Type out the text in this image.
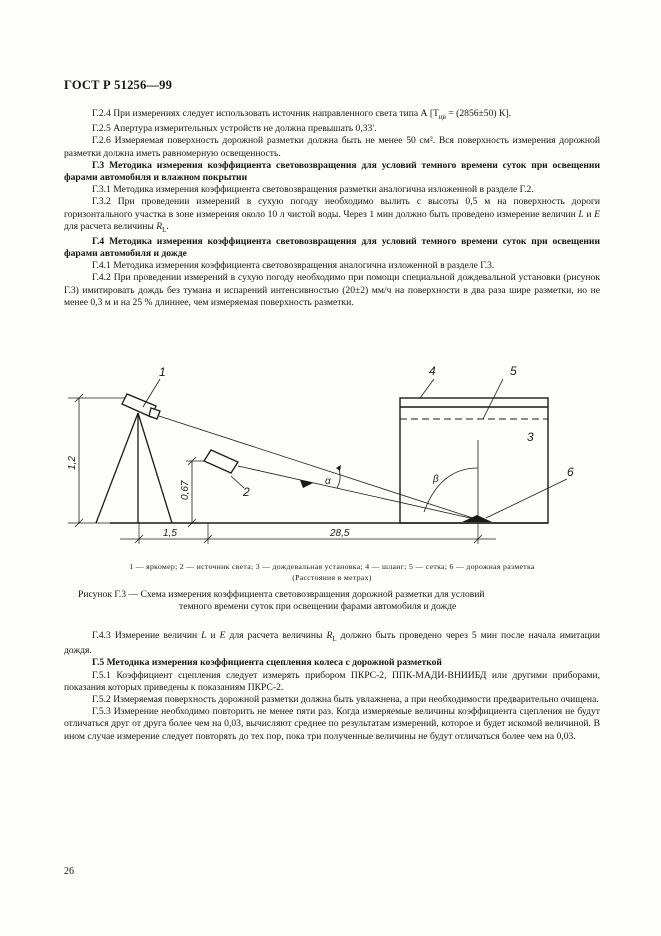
ГОСТ Р 51256—99

Г.2.4 При измерениях следует использовать источник направленного света типа А [$T_{цв} = (2856\pm 50)$ К].

Г.2.5 Апертура измерительных устройств не должна превышать 0,33'.

Г.2.6 Измеряемая поверхность дорожной разметки должна быть не менее 50 см². Вся поверхность измерения дорожной разметки должна иметь равномерную освещенность.

Г.3 Методика измерения коэффициента световозвращения для условий темного времени суток при освещении фарами автомобиля и влажном покрытии

Г.3.1 Методика измерения коэффициента световозвращения разметки аналогична изложенной в разделе Г.2.

Г.3.2 При проведении измерений в сухую погоду необходимо вылить с высоты 0,5 м на поверхность дороги горизонтального участка в зоне измерения около 10 л чистой воды. Через 1 мин должно быть проведено измерение величин L и E для расчета величины $R_L$.

Г.4 Методика измерения коэффициента световозвращения для условий темного времени суток при освещении фарами автомобиля и дожде

Г.4.1 Методика измерения коэффициента световозвращения аналогична изложенной в разделе Г.3.

Г.4.2 При проведении измерений в сухую погоду необходимо при помощи специальной дождевальной установки (рисунок Г.3) имитировать дождь без тумана и испарений интенсивностью (20±2) мм/ч на поверхности в два раза шире разметки, но не менее 0,3 м и на 25 % длиннее, чем измеряемая поверхность разметки.

1
2
3
4	5
6
α	β
1,2
0,67
1,5	28,5
1 — яркомер; 2 — источник света; 3 — дождевальная установка; 4 — шланг; 5 — сетка; 6 — дорожная разметка
(Расстояния в метрах)
Рисунок Г.3 — Схема измерения коэффициента световозвращения дорожной разметки для условий
темного времени суток при освещении фарами автомобиля и дожде

Г.4.3 Измерение величин L и E для расчета величины $R_L$ должно быть проведено через 5 мин после начала имитации дождя.

Г.5 Методика измерения коэффициента сцепления колеса с дорожной разметкой

Г.5.1 Коэффициент сцепления следует измерять прибором ПКРС-2, ППК-МАДИ-ВНИИБД или другими приборами, показания которых приведены к показаниям ПКРС-2.

Г.5.2 Измеряемая поверхность дорожной разметки должна быть увлажнена, а при необходимости предварительно очищена.

Г.5.3 Измерение необходимо повторить не менее пяти раз. Когда измеряемые величины коэффициента сцепления не будут отличаться друг от друга более чем на 0,03, вычисляют среднее по результатам измерений, которое и будет искомой величиной. В ином случае измерение следует повторять до тех пор, пока три полученные величины не будут отличаться более чем на 0,03.

26
